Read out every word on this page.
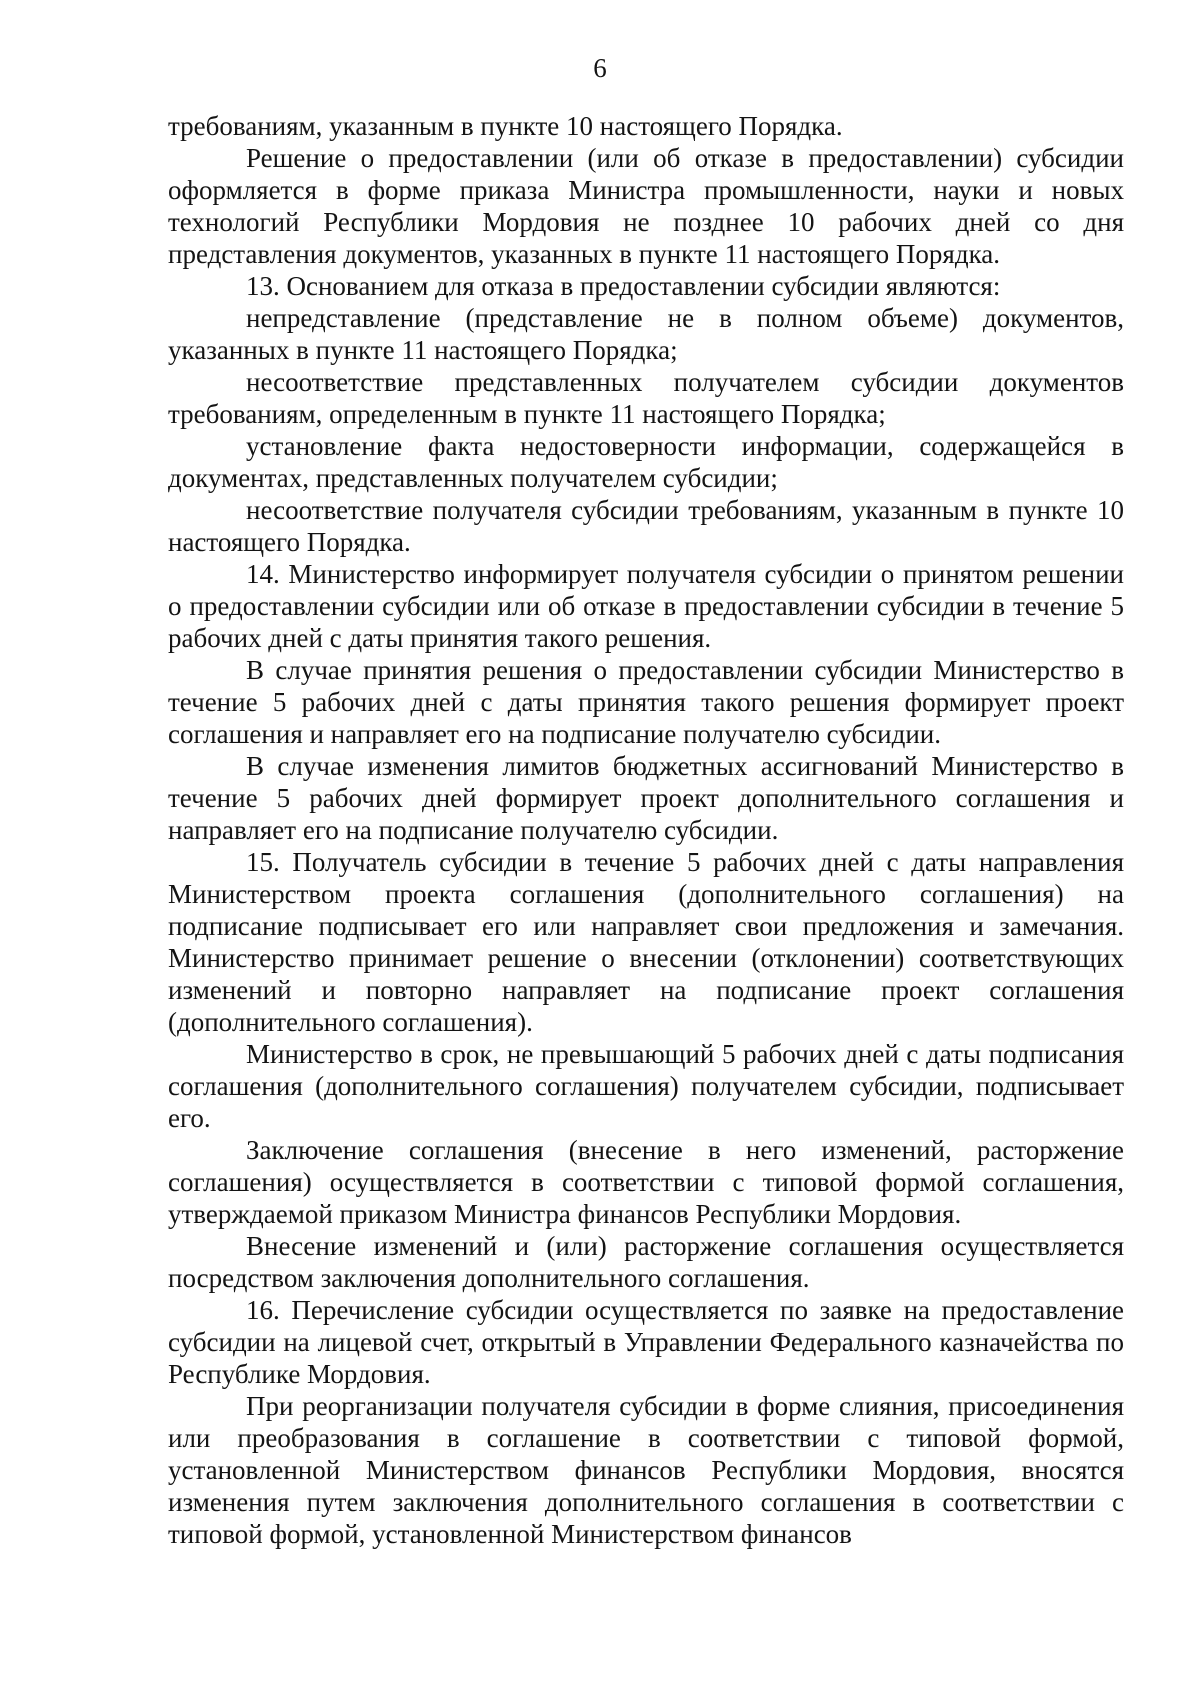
6

требованиям, указанным в пункте 10 настоящего Порядка.

Решение о предоставлении (или об отказе в предоставлении) субсидии оформляется в форме приказа Министра промышленности, науки и новых технологий Республики Мордовия не позднее 10 рабочих дней со дня представления документов, указанных в пункте 11 настоящего Порядка.

13. Основанием для отказа в предоставлении субсидии являются:

непредставление (представление не в полном объеме) документов, указанных в пункте 11 настоящего Порядка;

несоответствие представленных получателем субсидии документов требованиям, определенным в пункте 11 настоящего Порядка;

установление факта недостоверности информации, содержащейся в документах, представленных получателем субсидии;

несоответствие получателя субсидии требованиям, указанным в пункте 10 настоящего Порядка.

14. Министерство информирует получателя субсидии о принятом решении о предоставлении субсидии или об отказе в предоставлении субсидии в течение 5 рабочих дней с даты принятия такого решения.

В случае принятия решения о предоставлении субсидии Министерство в течение 5 рабочих дней с даты принятия такого решения формирует проект соглашения и направляет его на подписание получателю субсидии.

В случае изменения лимитов бюджетных ассигнований Министерство в течение 5 рабочих дней формирует проект дополнительного соглашения и направляет его на подписание получателю субсидии.

15. Получатель субсидии в течение 5 рабочих дней с даты направления Министерством проекта соглашения (дополнительного соглашения) на подписание подписывает его или направляет свои предложения и замечания. Министерство принимает решение о внесении (отклонении) соответствующих изменений и повторно направляет на подписание проект соглашения (дополнительного соглашения).

Министерство в срок, не превышающий 5 рабочих дней с даты подписания соглашения (дополнительного соглашения) получателем субсидии, подписывает его.

Заключение соглашения (внесение в него изменений, расторжение соглашения) осуществляется в соответствии с типовой формой соглашения, утверждаемой приказом Министра финансов Республики Мордовия.

Внесение изменений и (или) расторжение соглашения осуществляется посредством заключения дополнительного соглашения.

16. Перечисление субсидии осуществляется по заявке на предоставление субсидии на лицевой счет, открытый в Управлении Федерального казначейства по Республике Мордовия.

При реорганизации получателя субсидии в форме слияния, присоединения или преобразования в соглашение в соответствии с типовой формой, установленной Министерством финансов Республики Мордовия, вносятся изменения путем заключения дополнительного соглашения в соответствии с типовой формой, установленной Министерством финансов
